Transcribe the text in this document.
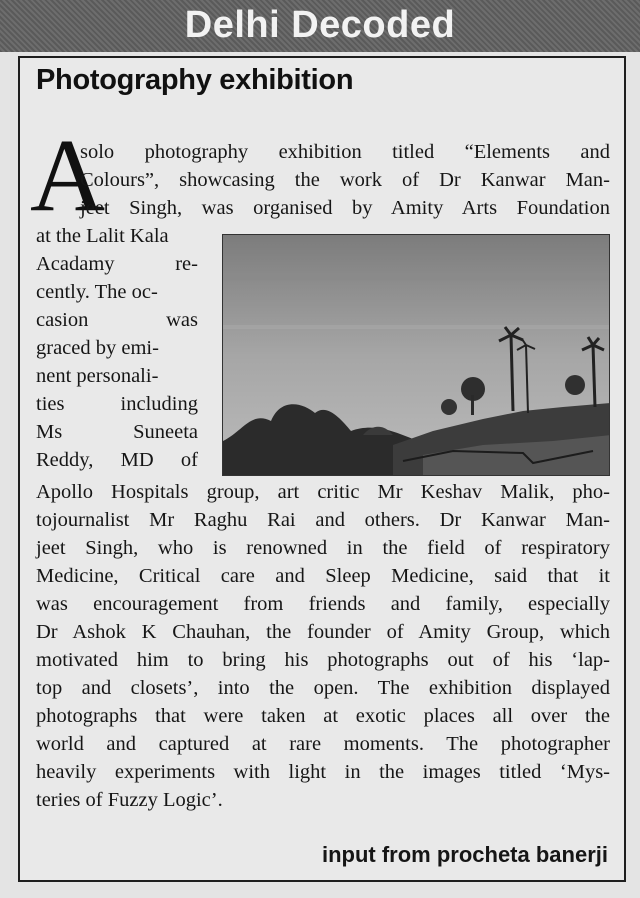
Delhi Decoded
Photography exhibition
A
solo photography exhibition titled “Elements and
Colours”, showcasing the work of Dr Kanwar Man-
jeet Singh, was organised by Amity Arts Foundation
at the Lalit Kala
Acadamy re-
cently. The oc-
casion was
graced by emi-
nent personali-
ties including
Ms Suneeta
Reddy, MD of
Apollo Hospitals group, art critic Mr Keshav Malik, pho-
tojournalist Mr Raghu Rai and others. Dr Kanwar Man-
jeet Singh, who is renowned in the field of respiratory
Medicine, Critical care and Sleep Medicine, said that it
was encouragement from friends and family, especially
Dr Ashok K Chauhan, the founder of Amity Group, which
motivated him to bring his photographs out of his ‘lap-
top and closets’, into the open. The exhibition displayed
photographs that were taken at exotic places all over the
world and captured at rare moments. The photographer
heavily experiments with light in the images titled ‘Mys-
teries of Fuzzy Logic’.
input from procheta banerji
